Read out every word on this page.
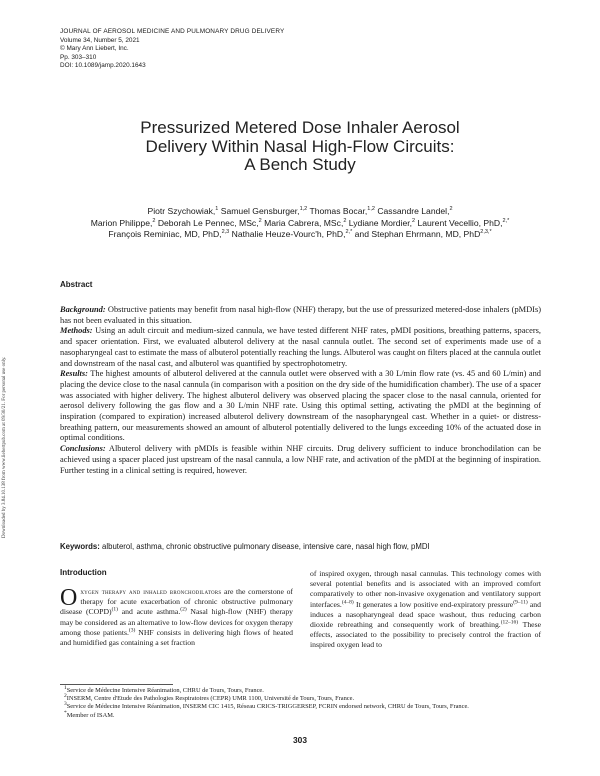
JOURNAL OF AEROSOL MEDICINE AND PULMONARY DRUG DELIVERY
Volume 34, Number 5, 2021
© Mary Ann Liebert, Inc.
Pp. 303–310
DOI: 10.1089/jamp.2020.1643
Downloaded by 3.84.10.138 from www.liebertpub.com at 09/30/21. For personal use only.
Pressurized Metered Dose Inhaler Aerosol
Delivery Within Nasal High-Flow Circuits:
A Bench Study
Piotr Szychowiak,$^1$ Samuel Gensburger,$^{1,2}$ Thomas Bocar,$^{1,2}$ Cassandre Landel,$^2$
Marion Philippe,$^2$ Deborah Le Pennec, MSc,$^2$ Maria Cabrera, MSc,$^2$ Lydiane Mordier,$^2$ Laurent Vecellio, PhD,$^{2,*}$
François Reminiac, MD, PhD,$^{2,3}$ Nathalie Heuze-Vourc'h, PhD,$^{2,*}$ and Stephan Ehrmann, MD, PhD$^{2,3,*}$
Abstract

Background: Obstructive patients may benefit from nasal high-flow (NHF) therapy, but the use of pressurized metered-dose inhalers (pMDIs) has not been evaluated in this situation.

Methods: Using an adult circuit and medium-sized cannula, we have tested different NHF rates, pMDI positions, breathing patterns, spacers, and spacer orientation. First, we evaluated albuterol delivery at the nasal cannula outlet. The second set of experiments made use of a nasopharyngeal cast to estimate the mass of albuterol potentially reaching the lungs. Albuterol was caught on filters placed at the cannula outlet and downstream of the nasal cast, and albuterol was quantified by spectrophotometry.

Results: The highest amounts of albuterol delivered at the cannula outlet were observed with a 30 L/min flow rate (vs. 45 and 60 L/min) and placing the device close to the nasal cannula (in comparison with a position on the dry side of the humidification chamber). The use of a spacer was associated with higher delivery. The highest albuterol delivery was observed placing the spacer close to the nasal cannula, oriented for aerosol delivery following the gas flow and a 30 L/min NHF rate. Using this optimal setting, activating the pMDI at the beginning of inspiration (compared to expiration) increased albuterol delivery downstream of the nasopharyngeal cast. Whether in a quiet- or distress-breathing pattern, our measurements showed an amount of albuterol potentially delivered to the lungs exceeding 10% of the actuated dose in optimal conditions.

Conclusions: Albuterol delivery with pMDIs is feasible within NHF circuits. Drug delivery sufficient to induce bronchodilation can be achieved using a spacer placed just upstream of the nasal cannula, a low NHF rate, and activation of the pMDI at the beginning of inspiration. Further testing in a clinical setting is required, however.

Keywords: albuterol, asthma, chronic obstructive pulmonary disease, intensive care, nasal high flow, pMDI
Introduction

Oxygen therapy and inhaled bronchodilators are the cornerstone of therapy for acute exacerbation of chronic obstructive pulmonary disease (COPD)$^{(1)}$ and acute asthma.$^{(2)}$ Nasal high-flow (NHF) therapy may be considered as an alternative to low-flow devices for oxygen therapy among those patients.$^{(3)}$ NHF consists in delivering high flows of heated and humidified gas containing a set fraction

of inspired oxygen, through nasal cannulas. This technology comes with several potential benefits and is associated with an improved comfort comparatively to other non-invasive oxygenation and ventilatory support interfaces.$^{(4-8)}$ It generates a low positive end-expiratory pressure$^{(9-11)}$ and induces a nasopharyngeal dead space washout, thus reducing carbon dioxide rebreathing and consequently work of breathing.$^{(12-16)}$ These effects, associated to the possibility to precisely control the fraction of inspired oxygen lead to

$^1$Service de Médecine Intensive Réanimation, CHRU de Tours, Tours, France.

$^2$INSERM, Centre d'Etude des Pathologies Respiratoires (CEPR) UMR 1100, Université de Tours, Tours, France.

$^3$Service de Médecine Intensive Réanimation, INSERM CIC 1415, Réseau CRICS-TRIGGERSEP, FCRIN endorsed network, CHRU de Tours, Tours, France.

*Member of ISAM.

303
